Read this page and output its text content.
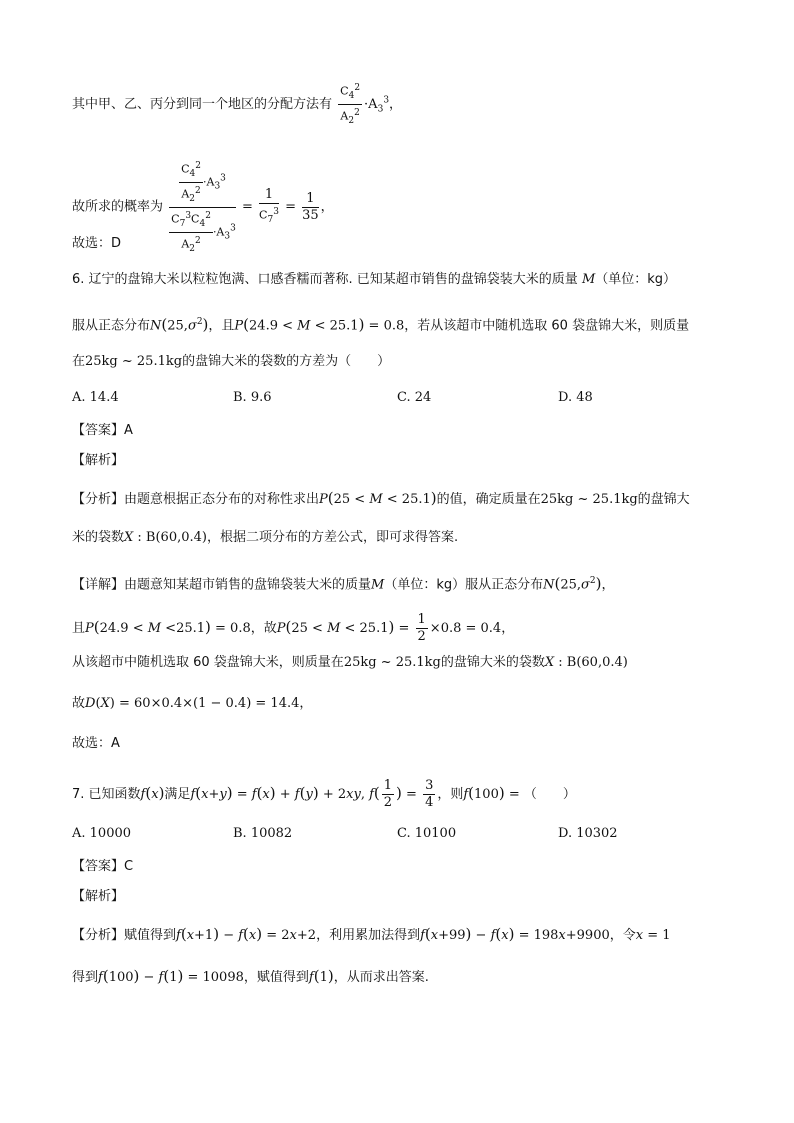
其中甲、乙、丙分到同一个地区的分配方法有 $\frac{C_4^2}{A_2^2} \cdot A_3^3$，
故所求的概率为 $\frac{\frac{C_4^2}{A_2^2} \cdot A_3^3}{\frac{C_7^3C_4^2}{A_2^2} \cdot A_3^3} = \frac{1}{C_7^3} = \frac{1}{35}$ ，
故选：D
6. 辽宁的盘锦大米以粒粒饱满、口感香糯而著称. 已知某超市销售的盘锦袋装大米的质量 M（单位：kg）
服从正态分布$N(25,\sigma^2)$，且P(24.9 < M < 25.1) = 0.8，若从该超市中随机选取 60 袋盘锦大米，则质量
在25kg ~ 25.1kg的盘锦大米的袋数的方差为（　　）
A. 14.4	B. 9.6	C. 24	D. 48
【答案】A
【解析】
【分析】由题意根据正态分布的对称性求出P(25 < M < 25.1)的值，确定质量在25kg ~ 25.1kg的盘锦大
米的袋数X : B(60,0.4)，根据二项分布的方差公式，即可求得答案.
【详解】由题意知某超市销售的盘锦袋装大米的质量M（单位：kg）服从正态分布$N(25,\sigma^2)$，
且P(24.9 < M <25.1) = 0.8，故$P(25 < M < 25.1) = \frac{1}{2} \times 0.8 = 0.4$，
从该超市中随机选取 60 袋盘锦大米，则质量在25kg ~ 25.1kg的盘锦大米的袋数X : B(60,0.4)
故D(X) = 60×0.4×(1 − 0.4) = 14.4，
故选：A
7. 已知函数f(x)满足f(x+y) = f(x) + f(y) + 2xy, $f( \frac{1}{2}$ ) = $\frac{3}{4}$ ，则f(100) = （　　）
A. 10000	B. 10082	C. 10100	D. 10302
【答案】C
【解析】
【分析】赋值得到f(x+1) − f(x) = 2x+2，利用累加法得到f(x+99) − f(x) = 198x+9900，令x = 1
得到f(100) − f(1) = 10098，赋值得到f(1)，从而求出答案.
